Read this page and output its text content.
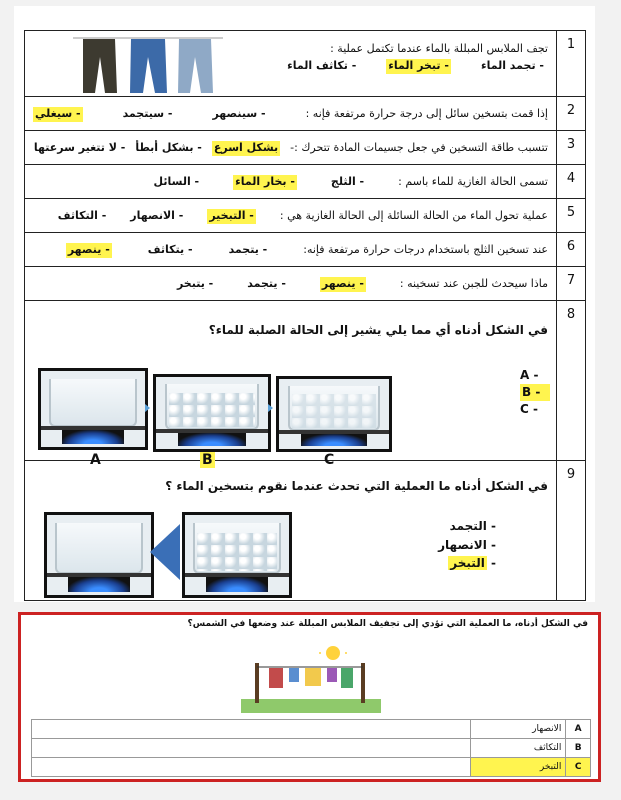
1	تجف الملابس المبللة بالماء عندما تكتمل عملية :
- تجمد الماء
- تبخر الماء
- تكاثف الماء

2	إذا قمت بتسخين سائل إلى درجة حرارة مرتفعة فإنه :
- سينصهر
- سيتجمد
- سيغلي

3	تتسبب طاقة التسخين في جعل جسيمات المادة تتحرك :-
بشكل اسرع
- بشكل أبطأ
- لا تتغير سرعتها

4	تسمى الحالة الغازية للماء باسم :
- الثلج
- بخار الماء
- السائل

5	عملية تحول الماء من الحالة السائلة إلى الحالة الغازية هي :
- التبخير
- الانصهار
- التكاثف

6	عند تسخين الثلج باستخدام درجات حرارة مرتفعة فإنه:
- يتجمد
- يتكاثف
- ينصهر

7	ماذا سيحدث للجبن عند تسخينه :
- ينصهر
- يتجمد
- يتبخر

8	في الشكل أدناه أي مما يلي يشير إلى الحالة الصلبة للماء؟
A -
B -
C -

9	في الشكل أدناه ما العملية التي تحدث عندما نقوم بتسخين الماء ؟
- التجمد
- الانصهار
- التبخر
A	B	C
في الشكل أدناه، ما العملية التي تؤدي إلى تجفيف الملابس المبللة عند وضعها في الشمس؟
A	الانصهار	
B	التكاثف	
C	التبخر	
